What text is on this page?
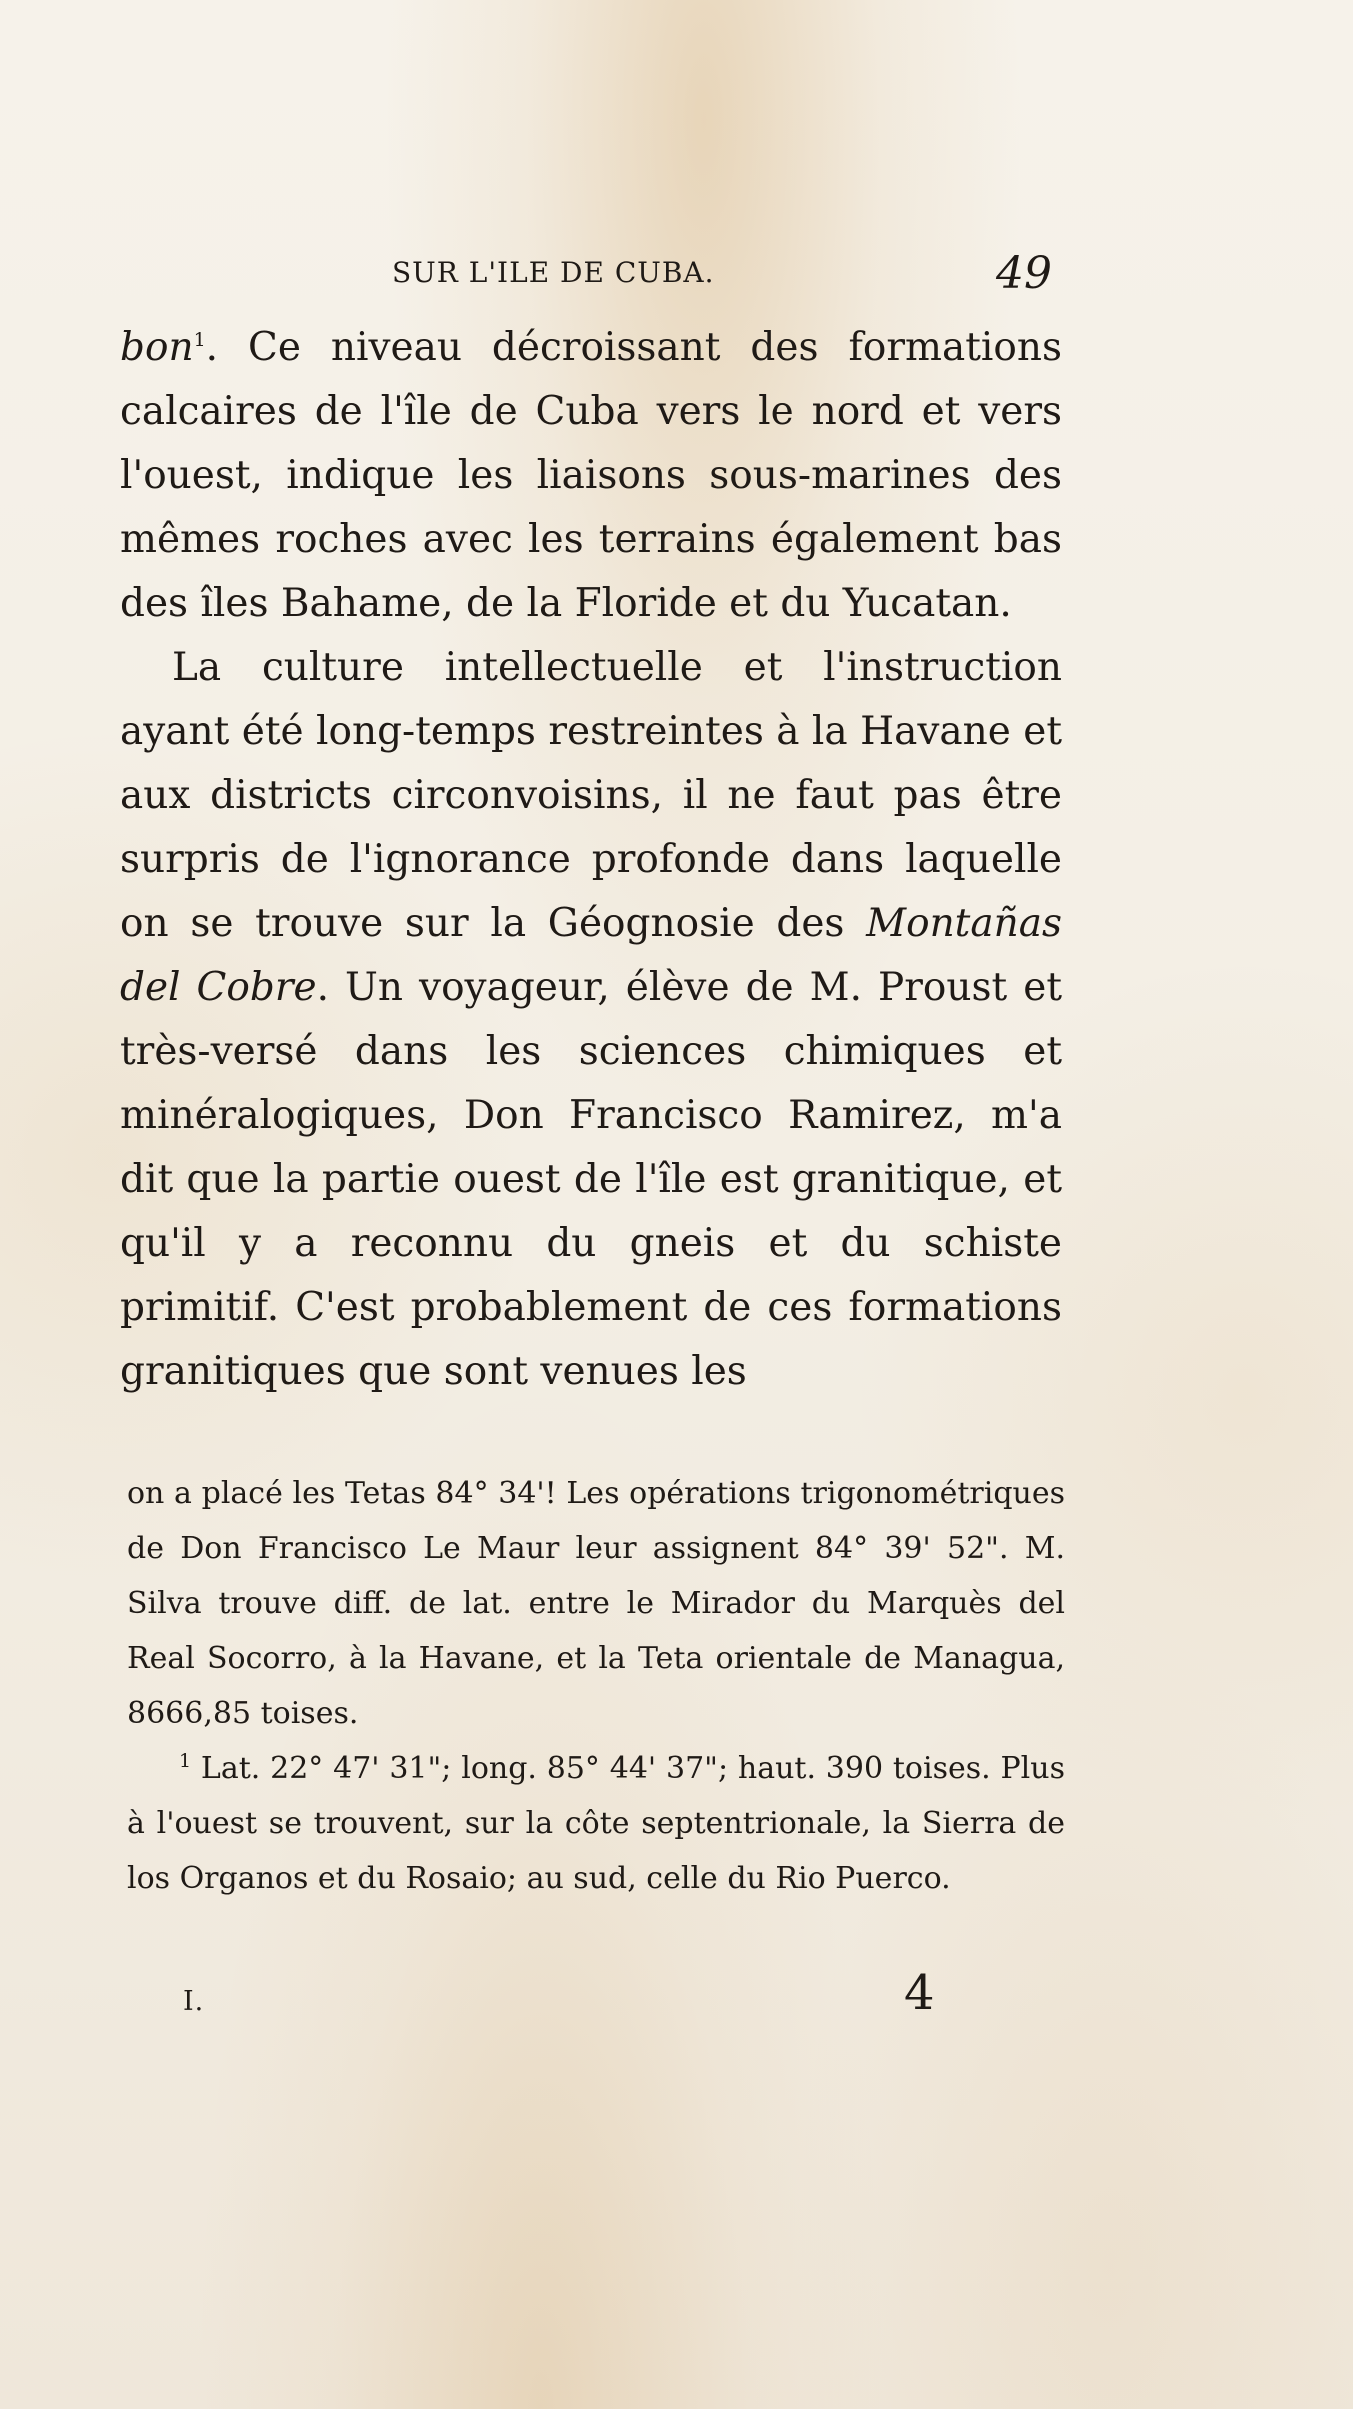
SUR L'ILE DE CUBA.	49

bon$^1$. Ce niveau décroissant des formations calcaires de l'île de Cuba vers le nord et vers l'ouest, indique les liaisons sous-marines des mêmes roches avec les terrains également bas des îles Bahame, de la Floride et du Yucatan.

La culture intellectuelle et l'instruction ayant été long-temps restreintes à la Havane et aux districts circonvoisins, il ne faut pas être surpris de l'ignorance profonde dans laquelle on se trouve sur la Géognosie des Montañas del Cobre. Un voyageur, élève de M. Proust et très-versé dans les sciences chimiques et minéralogiques, Don Francisco Ramirez, m'a dit que la partie ouest de l'île est granitique, et qu'il y a reconnu du gneis et du schiste primitif. C'est probablement de ces formations granitiques que sont venues les

on a placé les Tetas 84° 34'! Les opérations trigonométriques de Don Francisco Le Maur leur assignent 84° 39' 52". M. Silva trouve diff. de lat. entre le Mirador du Marquès del Real Socorro, à la Havane, et la Teta orientale de Managua, 8666,85 toises.

$^1$ Lat. 22° 47' 31"; long. 85° 44' 37"; haut. 390 toises. Plus à l'ouest se trouvent, sur la côte septentrionale, la Sierra de los Organos et du Rosaio; au sud, celle du Rio Puerco.

I.	4
